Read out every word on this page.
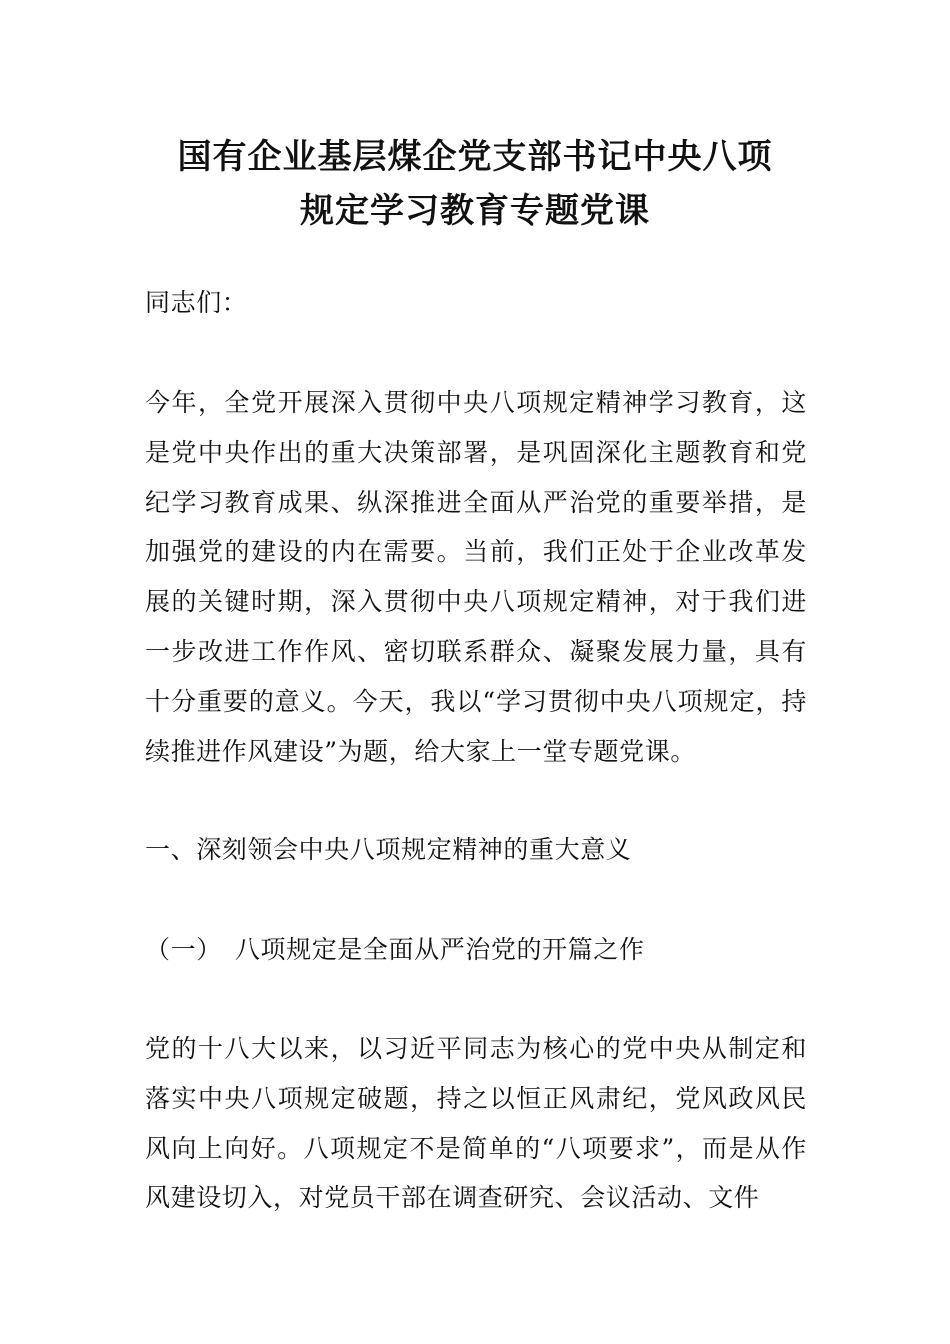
国有企业基层煤企党支部书记中央八项
规定学习教育专题党课

同志们：

今年，全党开展深入贯彻中央八项规定精神学习教育，这是党中央作出的重大决策部署，是巩固深化主题教育和党纪学习教育成果、纵深推进全面从严治党的重要举措，是加强党的建设的内在需要。当前，我们正处于企业改革发展的关键时期，深入贯彻中央八项规定精神，对于我们进一步改进工作作风、密切联系群众、凝聚发展力量，具有十分重要的意义。今天，我以“学习贯彻中央八项规定，持续推进作风建设”为题，给大家上一堂专题党课。

一、深刻领会中央八项规定精神的重大意义

（一）　八项规定是全面从严治党的开篇之作

党的十八大以来，以习近平同志为核心的党中央从制定和落实中央八项规定破题，持之以恒正风肃纪，党风政风民风向上向好。八项规定不是简单的“八项要求”，而是从作风建设切入，对党员干部在调查研究、会议活动、文件
